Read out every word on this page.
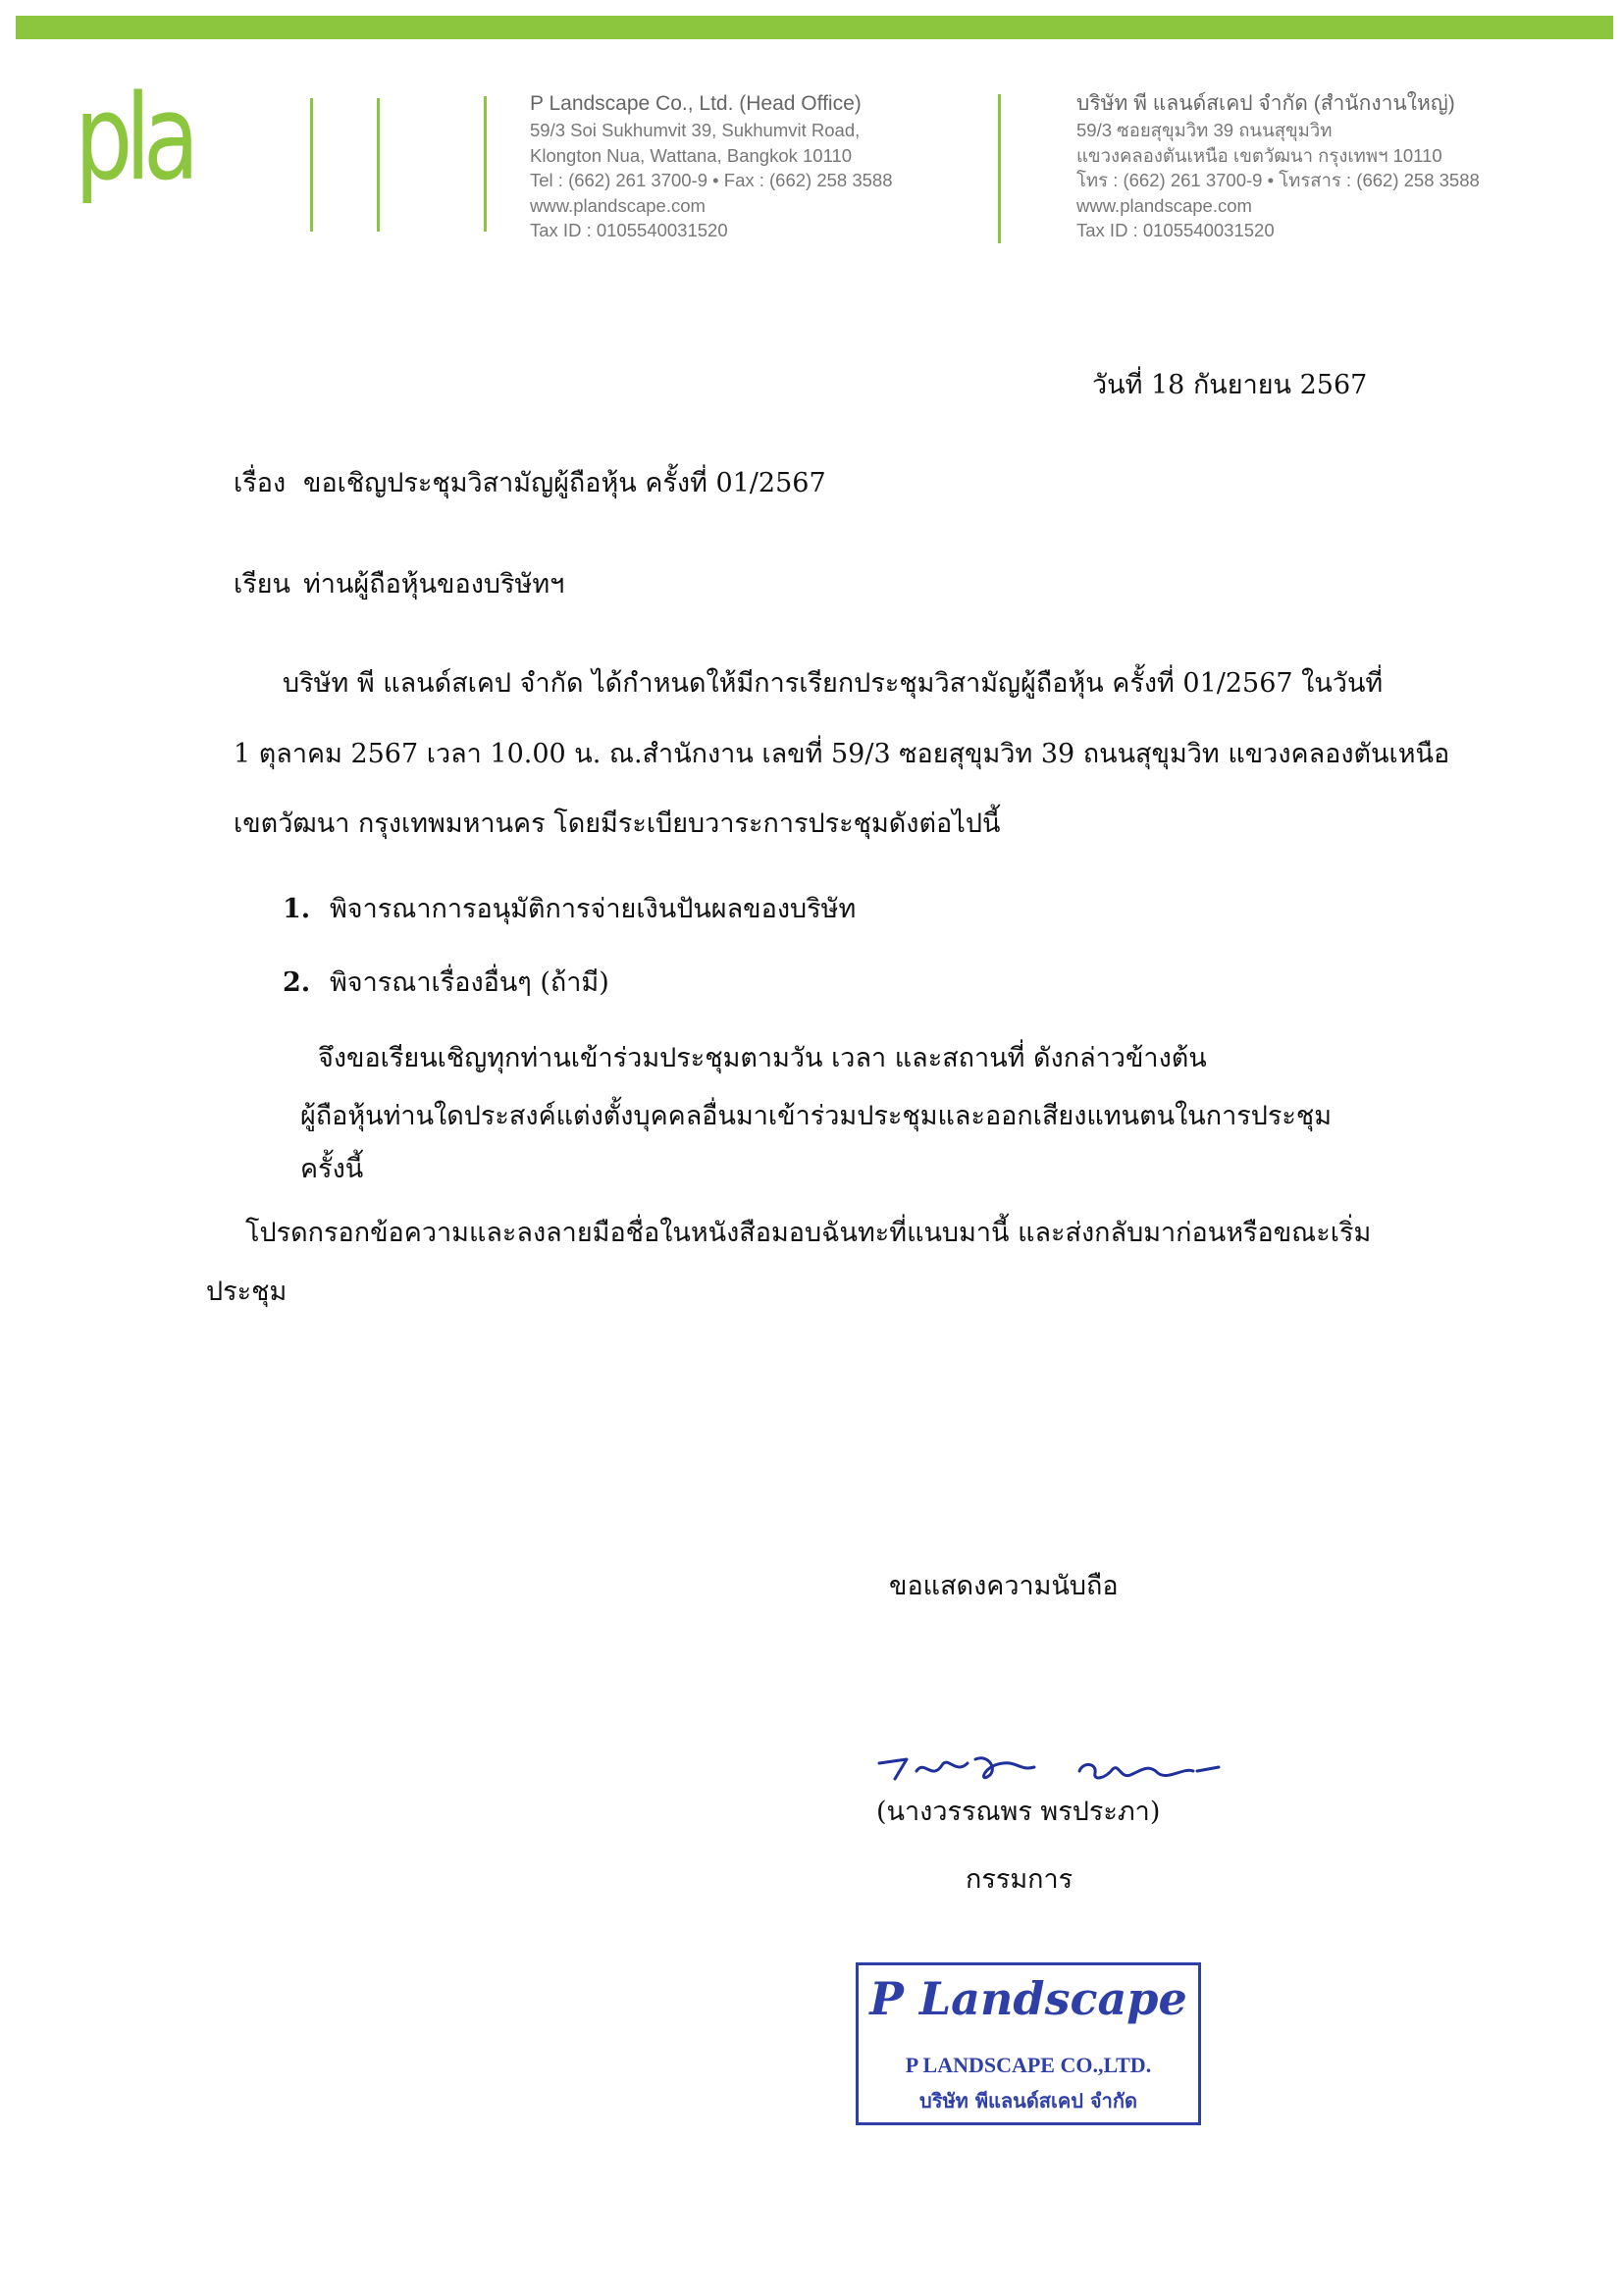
pla	P Landscape Co., Ltd. (Head Office)
59/3 Soi Sukhumvit 39, Sukhumvit Road,
Klongton Nua, Wattana, Bangkok 10110
Tel : (662) 261 3700-9 • Fax : (662) 258 3588
www.plandscape.com
Tax ID : 0105540031520
บริษัท พี แลนด์สเคป จำกัด (สำนักงานใหญ่)
59/3 ซอยสุขุมวิท 39 ถนนสุขุมวิท
แขวงคลองตันเหนือ เขตวัฒนา กรุงเทพฯ 10110
โทร : (662) 261 3700-9 • โทรสาร : (662) 258 3588
www.plandscape.com
Tax ID : 0105540031520
วันที่ 18 กันยายน 2567
เรื่อง ขอเชิญประชุมวิสามัญผู้ถือหุ้น ครั้งที่ 01/2567
เรียน ท่านผู้ถือหุ้นของบริษัทฯ
บริษัท พี แลนด์สเคป จำกัด ได้กำหนดให้มีการเรียกประชุมวิสามัญผู้ถือหุ้น ครั้งที่ 01/2567 ในวันที่
1 ตุลาคม 2567 เวลา 10.00 น. ณ.สำนักงาน เลขที่ 59/3 ซอยสุขุมวิท 39 ถนนสุขุมวิท แขวงคลองตันเหนือ
เขตวัฒนา กรุงเทพมหานคร โดยมีระเบียบวาระการประชุมดังต่อไปนี้
1. พิจารณาการอนุมัติการจ่ายเงินปันผลของบริษัท
2. พิจารณาเรื่องอื่นๆ (ถ้ามี)
จึงขอเรียนเชิญทุกท่านเข้าร่วมประชุมตามวัน เวลา และสถานที่ ดังกล่าวข้างต้น
ผู้ถือหุ้นท่านใดประสงค์แต่งตั้งบุคคลอื่นมาเข้าร่วมประชุมและออกเสียงแทนตนในการประชุม
ครั้งนี้
โปรดกรอกข้อความและลงลายมือชื่อในหนังสือมอบฉันทะที่แนบมานี้ และส่งกลับมาก่อนหรือขณะเริ่ม
ประชุม
ขอแสดงความนับถือ
(นางวรรณพร พรประภา)
กรรมการ
P Landscape
P LANDSCAPE CO.,LTD.
บริษัท พีแลนด์สเคป จำกัด
